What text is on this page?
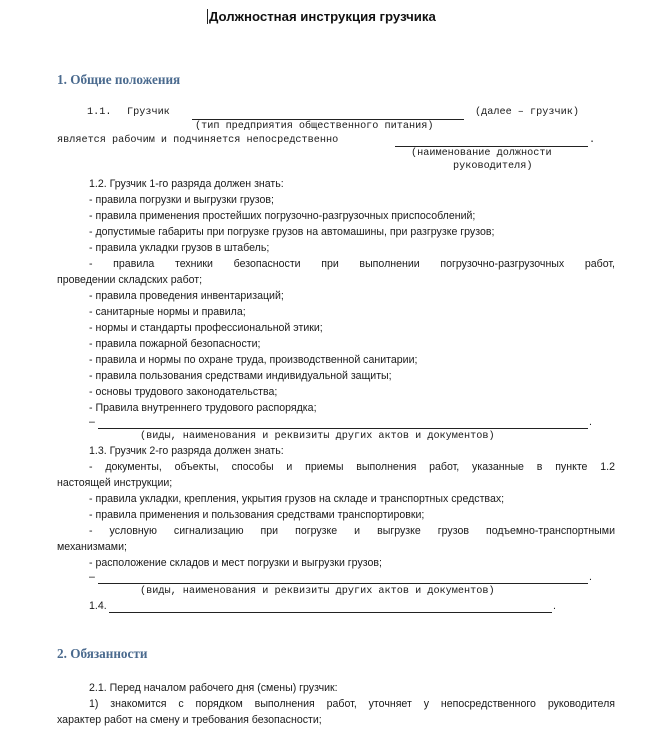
Должностная инструкция грузчика
1. Общие положения
1.1. Грузчик	(далее – грузчик)
(тип предприятия общественного питания)
является рабочим и подчиняется непосредственно	.
(наименование должности
руководителя)
1.2. Грузчик 1-го разряда должен знать:
- правила погрузки и выгрузки грузов;
- правила применения простейших погрузочно-разгрузочных приспособлений;
- допустимые габариты при погрузке грузов на автомашины, при разгрузке грузов;
- правила укладки грузов в штабель;
- правила техники безопасности при выполнении погрузочно-разгрузочных работ,
проведении складских работ;
- правила проведения инвентаризаций;
- санитарные нормы и правила;
- нормы и стандарты профессиональной этики;
- правила пожарной безопасности;
- правила и нормы по охране труда, производственной санитарии;
- правила пользования средствами индивидуальной защиты;
- основы трудового законодательства;
- Правила внутреннего трудового распорядка;
–	.
(виды, наименования и реквизиты других актов и документов)
1.3. Грузчик 2-го разряда должен знать:
- документы, объекты, способы и приемы выполнения работ, указанные в пункте 1.2
настоящей инструкции;
- правила укладки, крепления, укрытия грузов на складе и транспортных средствах;
- правила применения и пользования средствами транспортировки;
- условную сигнализацию при погрузке и выгрузке грузов подъемно-транспортными
механизмами;
- расположение складов и мест погрузки и выгрузки грузов;
–	.
(виды, наименования и реквизиты других актов и документов)
1.4.	.
2. Обязанности
2.1. Перед началом рабочего дня (смены) грузчик:
1) знакомится с порядком выполнения работ, уточняет у непосредственного руководителя
характер работ на смену и требования безопасности;
